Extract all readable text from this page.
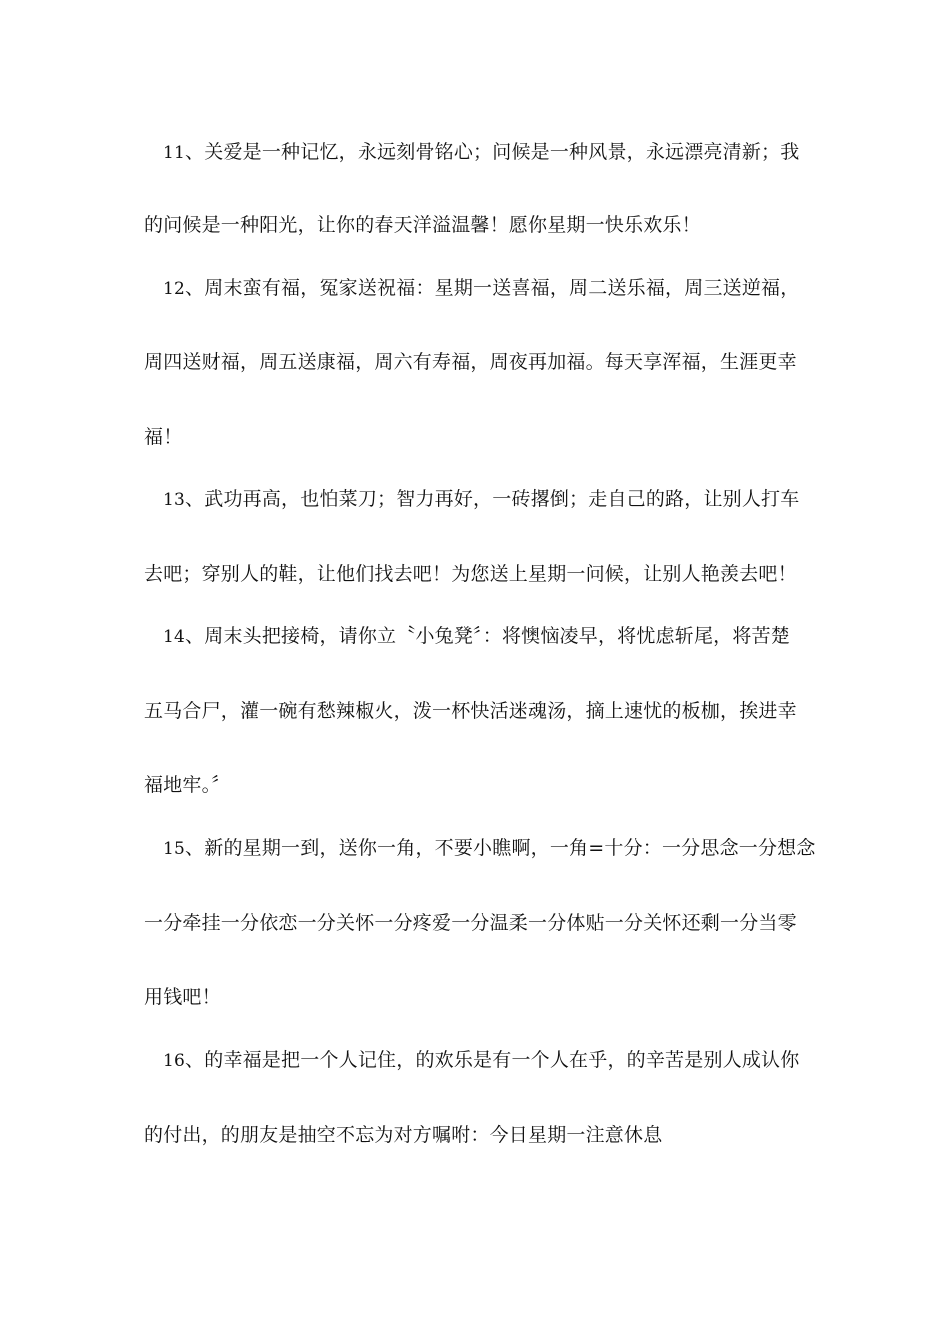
11、关爱是一种记忆，永远刻骨铭心；问候是一种风景，永远漂亮清新；我
的问候是一种阳光，让你的春天洋溢温馨！愿你星期一快乐欢乐！
12、周末蛮有福，冤家送祝福：星期一送喜福，周二送乐福，周三送逆福，
周四送财福，周五送康福，周六有寿福，周夜再加福。每天享浑福，生涯更幸
福！
13、武功再高，也怕菜刀；智力再好，一砖撂倒；走自己的路，让别人打车
去吧；穿别人的鞋，让他们找去吧！为您送上星期一问候，让别人艳羡去吧！
14、周末头把接椅，请你立〝小兔凳〞：将懊恼凌早，将忧虑斩尾，将苦楚
五马合尸，灌一碗有愁辣椒火，泼一杯快活迷魂汤，摘上速忧的板枷，挨进幸
福地牢。〞
15、新的星期一到，送你一角，不要小瞧啊，一角=十分：一分思念一分想念
一分牵挂一分依恋一分关怀一分疼爱一分温柔一分体贴一分关怀还剩一分当零
用钱吧！
16、的幸福是把一个人记住，的欢乐是有一个人在乎，的辛苦是别人成认你
的付出，的朋友是抽空不忘为对方嘱咐：今日星期一注意休息
